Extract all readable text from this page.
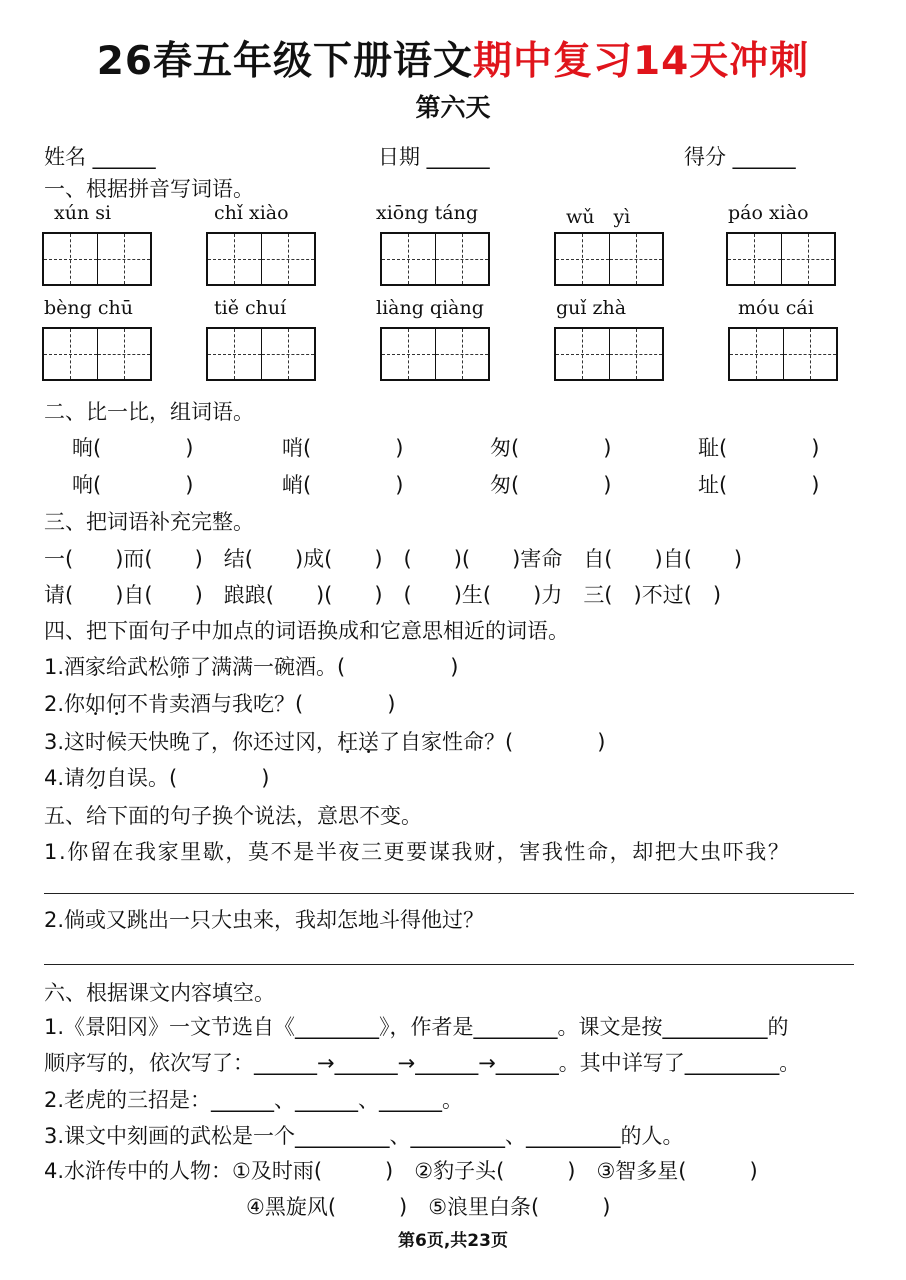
26春五年级下册语文期中复习14天冲刺
第六天
姓名 ______	日期 ______	得分 ______
一、根据拼音写词语。
xún si	chǐ xiào	xiōng táng	wǔ　yì	páo xiào
bèng chū	tiě chuí	liàng qiàng	guǐ zhà	móu cái
二、比一比，组词语。
晌(　　　　)	哨(　　　　)	匆(　　　　)	耻(　　　　)
响(　　　　)	峭(　　　　)	匆(　　　　)	址(　　　　)
三、把词语补充完整。
一(　　)而(　　)　结(　　)成(　　)　(　　)(　　)害命　自(　　)自(　　)
请(　　)自(　　)　踉踉(　　)(　　)　(　　)生(　　)力　三(　)不过(　)
四、把下面句子中加点的词语换成和它意思相近的词语。
1.酒家给武松筛了满满一碗酒。(　　　　　)
2.你如何不肯卖酒与我吃？(　　　　)
3.这时候天快晚了，你还过冈，枉送了自家性命？(　　　　)
4.请勿自误。(　　　　)
五、给下面的句子换个说法，意思不变。
1.你留在我家里歇，莫不是半夜三更要谋我财，害我性命，却把大虫吓我？
2.倘或又跳出一只大虫来，我却怎地斗得他过？
六、根据课文内容填空。
1.《景阳冈》一文节选自《________》，作者是________。课文是按__________的
顺序写的，依次写了：______→______→______→______。其中详写了_________。
2.老虎的三招是：______、______、______。
3.课文中刻画的武松是一个_________、_________、_________的人。
4.水浒传中的人物：①及时雨(　　　)　②豹子头(　　　)　③智多星(　　　)
④黑旋风(　　　)　⑤浪里白条(　　　)
第6页,共23页
